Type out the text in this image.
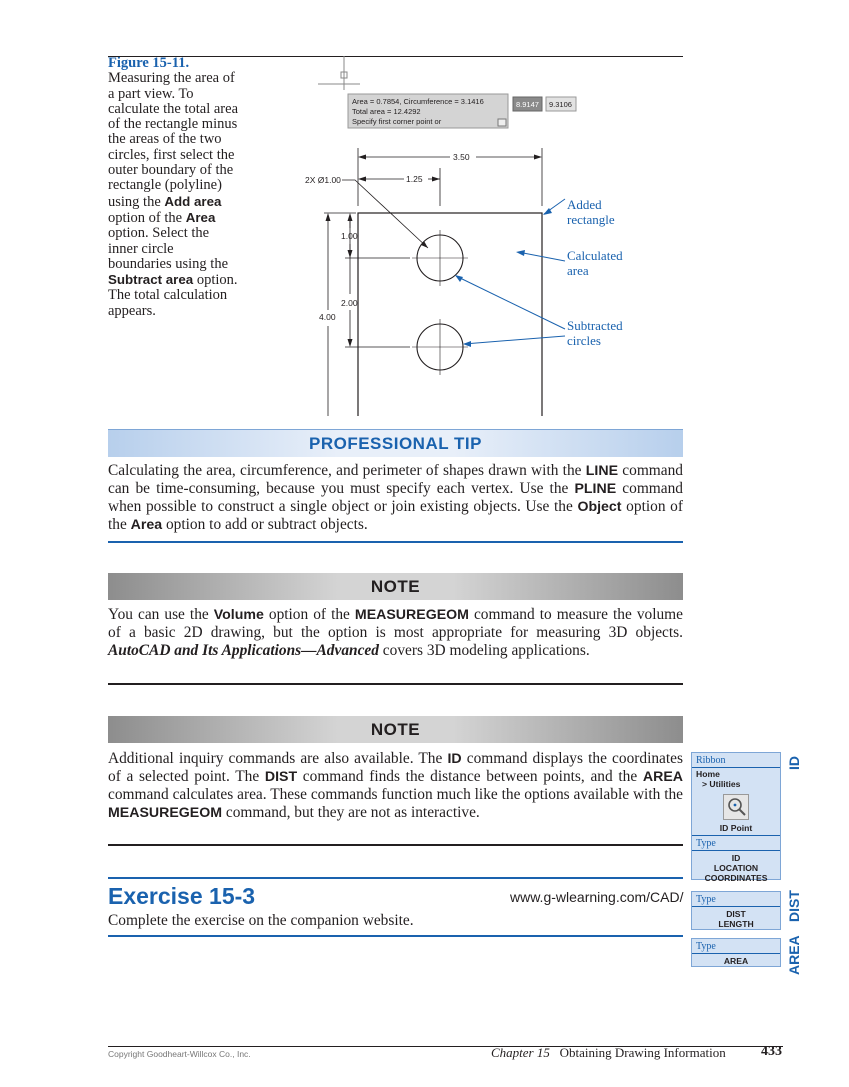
Figure 15-11.
Measuring the area of a part view. To calculate the total area of the rectangle minus the areas of the two circles, first select the outer boundary of the rectangle (polyline) using the Add area option of the Area option. Select the inner circle boundaries using the Subtract area option. The total calculation appears.
Area = 0.7854, Circumference = 3.1416
Total area = 12.4292
Specify first corner point or
8.9147 9.3106
3.50
1.25
2X Ø1.00
1.00
2.00
4.00
Added
rectangle
Calculated
area
Subtracted
circles
PROFESSIONAL TIP
Calculating the area, circumference, and perimeter of shapes drawn with the LINE command can be time-consuming, because you must specify each vertex. Use the PLINE command when possible to construct a single object or join existing objects. Use the Object option of the Area option to add or subtract objects.
NOTE
You can use the Volume option of the MEASUREGEOM command to measure the volume of a basic 2D drawing, but the option is most appropriate for measuring 3D objects. AutoCAD and Its Applications—Advanced covers 3D modeling applications.
NOTE
Additional inquiry commands are also available. The ID command displays the coordinates of a selected point. The DIST command finds the distance between points, and the AREA command calculates area. These commands function much like the options available with the MEASUREGEOM command, but they are not as interactive.
Exercise 15-3	www.g-wlearning.com/CAD/
Complete the exercise on the companion website.
Ribbon
Home
> Utilities
ID Point
Type
ID
LOCATION
COORDINATES
Type
DIST
LENGTH
Type
AREA
ID
DIST
AREA
Copyright Goodheart-Willcox Co., Inc.	Chapter 15 Obtaining Drawing Information	433
